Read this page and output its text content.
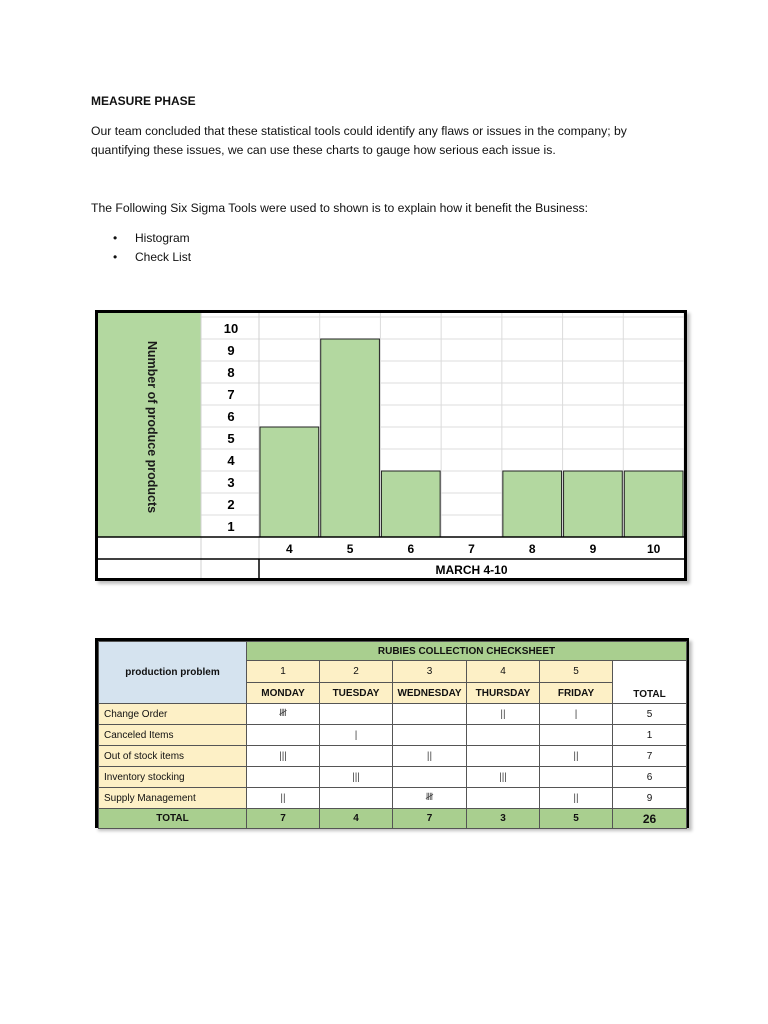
MEASURE PHASE
Our team concluded that these statistical tools could identify any flaws or issues in the company; by quantifying these issues, we can use these charts to gauge how serious each issue is.
The Following Six Sigma Tools were used to shown is to explain how it benefit the Business:
• Histogram
• Check List
1
2
3
4
5
6
7
8
9
10
4	5	6	7	8	9	10
MARCH 4-10
Number of produce products
production problem	RUBIES COLLECTION CHECKSHEET					
	1	2	3	4	5	TOTAL
	MONDAY	TUESDAY	WEDNESDAY	THURSDAY	FRIDAY	
Change Order	𝍸			||	|	5
Canceled Items		|				1
Out of stock items	|||		||		||	7
Inventory stocking		|||		|||		6
Supply Management	||		𝍸		||	9
TOTAL	7	4	7	3	5	26
